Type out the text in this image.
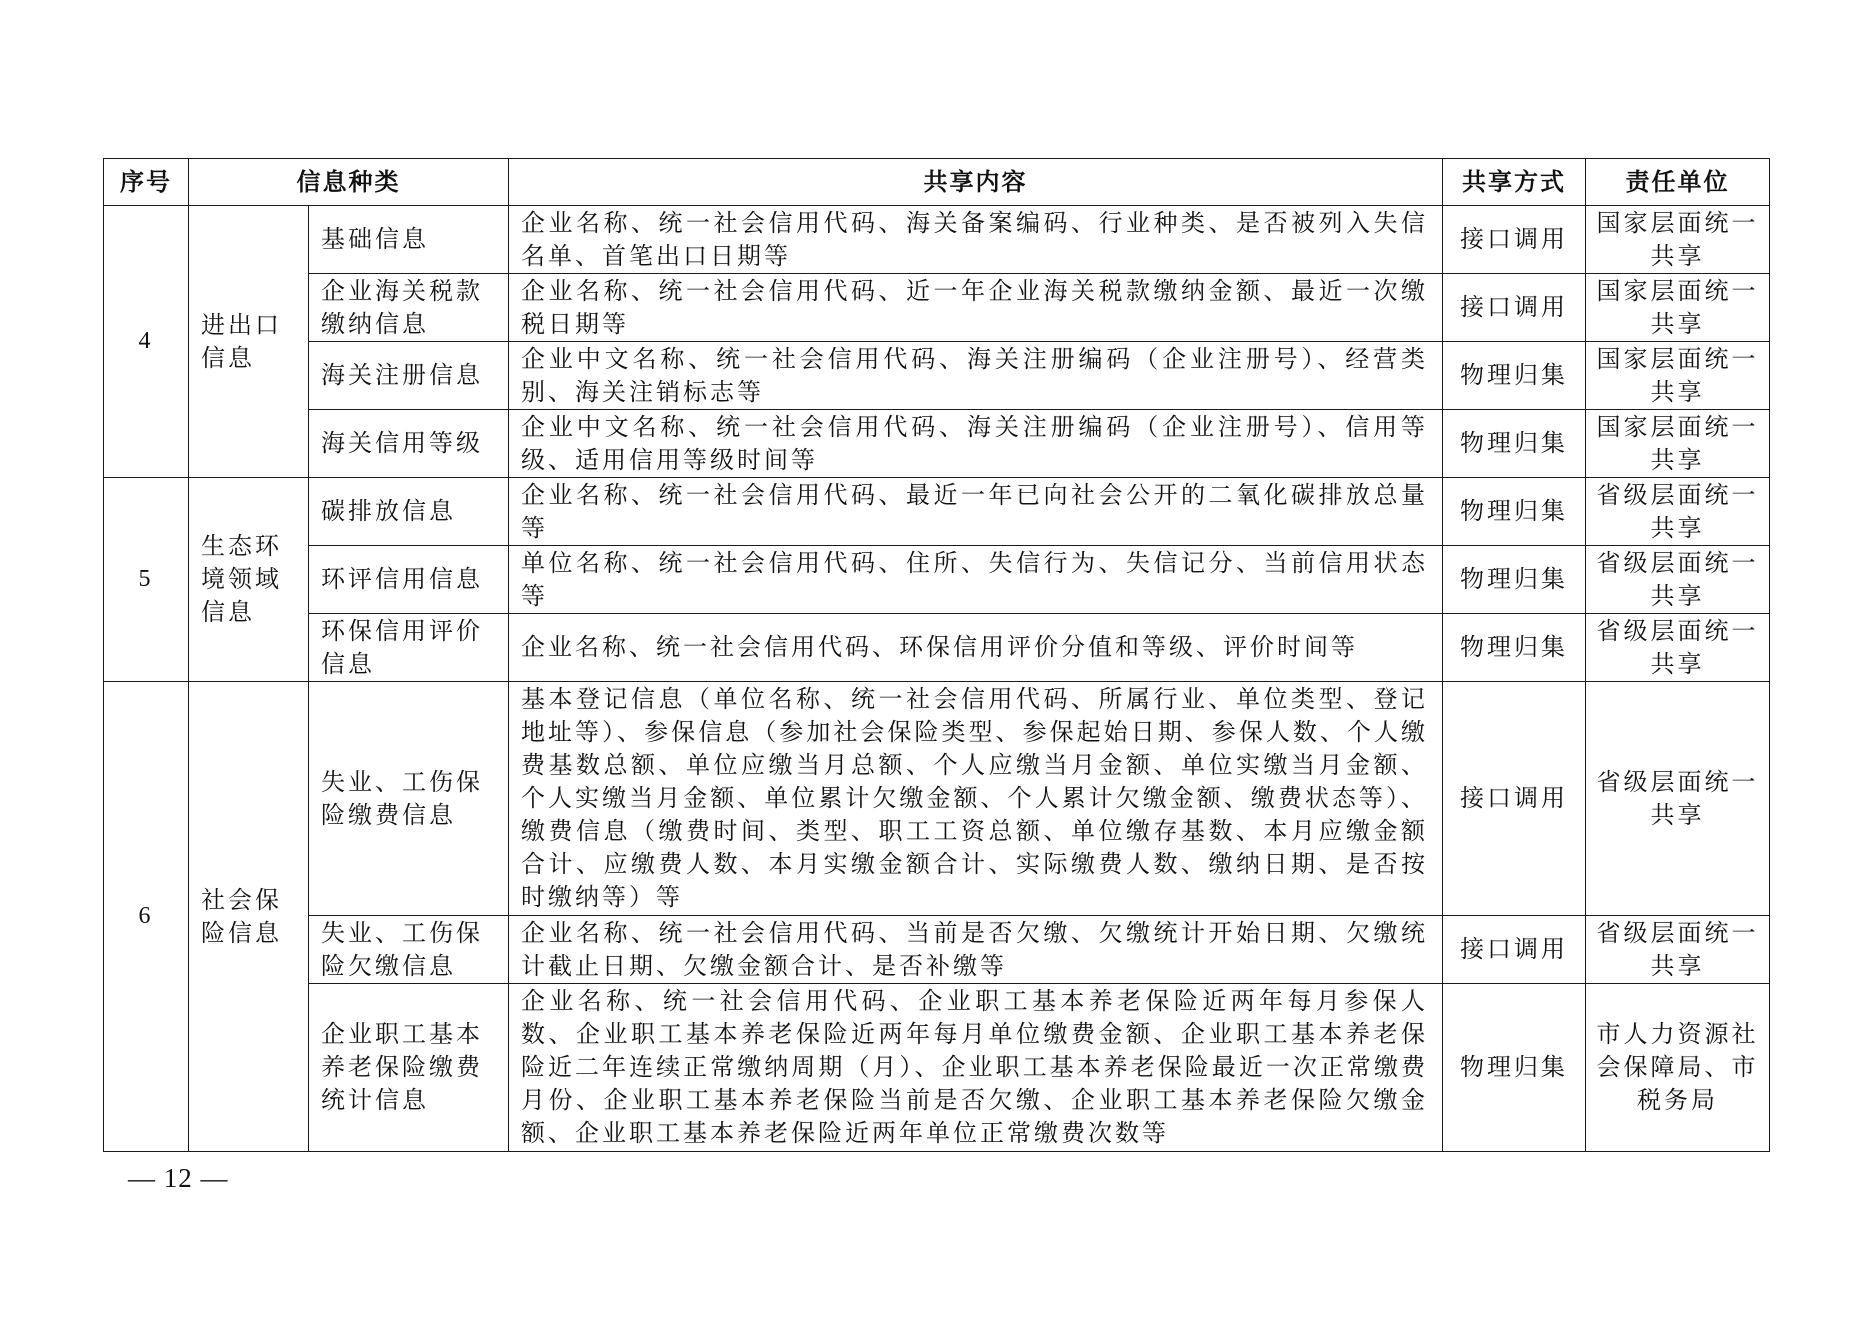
序号	信息种类		共享内容	共享方式	责任单位
4	进出口信息	基础信息	企业名称、统一社会信用代码、海关备案编码、行业种类、是否被列入失信名单、首笔出口日期等	接口调用	国家层面统一共享
		企业海关税款缴纳信息	企业名称、统一社会信用代码、近一年企业海关税款缴纳金额、最近一次缴税日期等	接口调用	国家层面统一共享
		海关注册信息	企业中文名称、统一社会信用代码、海关注册编码（企业注册号）、经营类别、海关注销标志等	物理归集	国家层面统一共享
		海关信用等级	企业中文名称、统一社会信用代码、海关注册编码（企业注册号）、信用等级、适用信用等级时间等	物理归集	国家层面统一共享
5	生态环境领域信息	碳排放信息	企业名称、统一社会信用代码、最近一年已向社会公开的二氧化碳排放总量等	物理归集	省级层面统一共享
		环评信用信息	单位名称、统一社会信用代码、住所、失信行为、失信记分、当前信用状态等	物理归集	省级层面统一共享
		环保信用评价信息	企业名称、统一社会信用代码、环保信用评价分值和等级、评价时间等	物理归集	省级层面统一共享
6	社会保险信息	失业、工伤保险缴费信息	基本登记信息（单位名称、统一社会信用代码、所属行业、单位类型、登记地址等）、参保信息（参加社会保险类型、参保起始日期、参保人数、个人缴费基数总额、单位应缴当月总额、个人应缴当月金额、单位实缴当月金额、个人实缴当月金额、单位累计欠缴金额、个人累计欠缴金额、缴费状态等）、缴费信息（缴费时间、类型、职工工资总额、单位缴存基数、本月应缴金额合计、应缴费人数、本月实缴金额合计、实际缴费人数、缴纳日期、是否按时缴纳等）等	接口调用	省级层面统一共享
		失业、工伤保险欠缴信息	企业名称、统一社会信用代码、当前是否欠缴、欠缴统计开始日期、欠缴统计截止日期、欠缴金额合计、是否补缴等	接口调用	省级层面统一共享
		企业职工基本养老保险缴费统计信息	企业名称、统一社会信用代码、企业职工基本养老保险近两年每月参保人数、企业职工基本养老保险近两年每月单位缴费金额、企业职工基本养老保险近二年连续正常缴纳周期（月）、企业职工基本养老保险最近一次正常缴费月份、企业职工基本养老保险当前是否欠缴、企业职工基本养老保险欠缴金额、企业职工基本养老保险近两年单位正常缴费次数等	物理归集	市人力资源社会保障局、市税务局
— 12 —
